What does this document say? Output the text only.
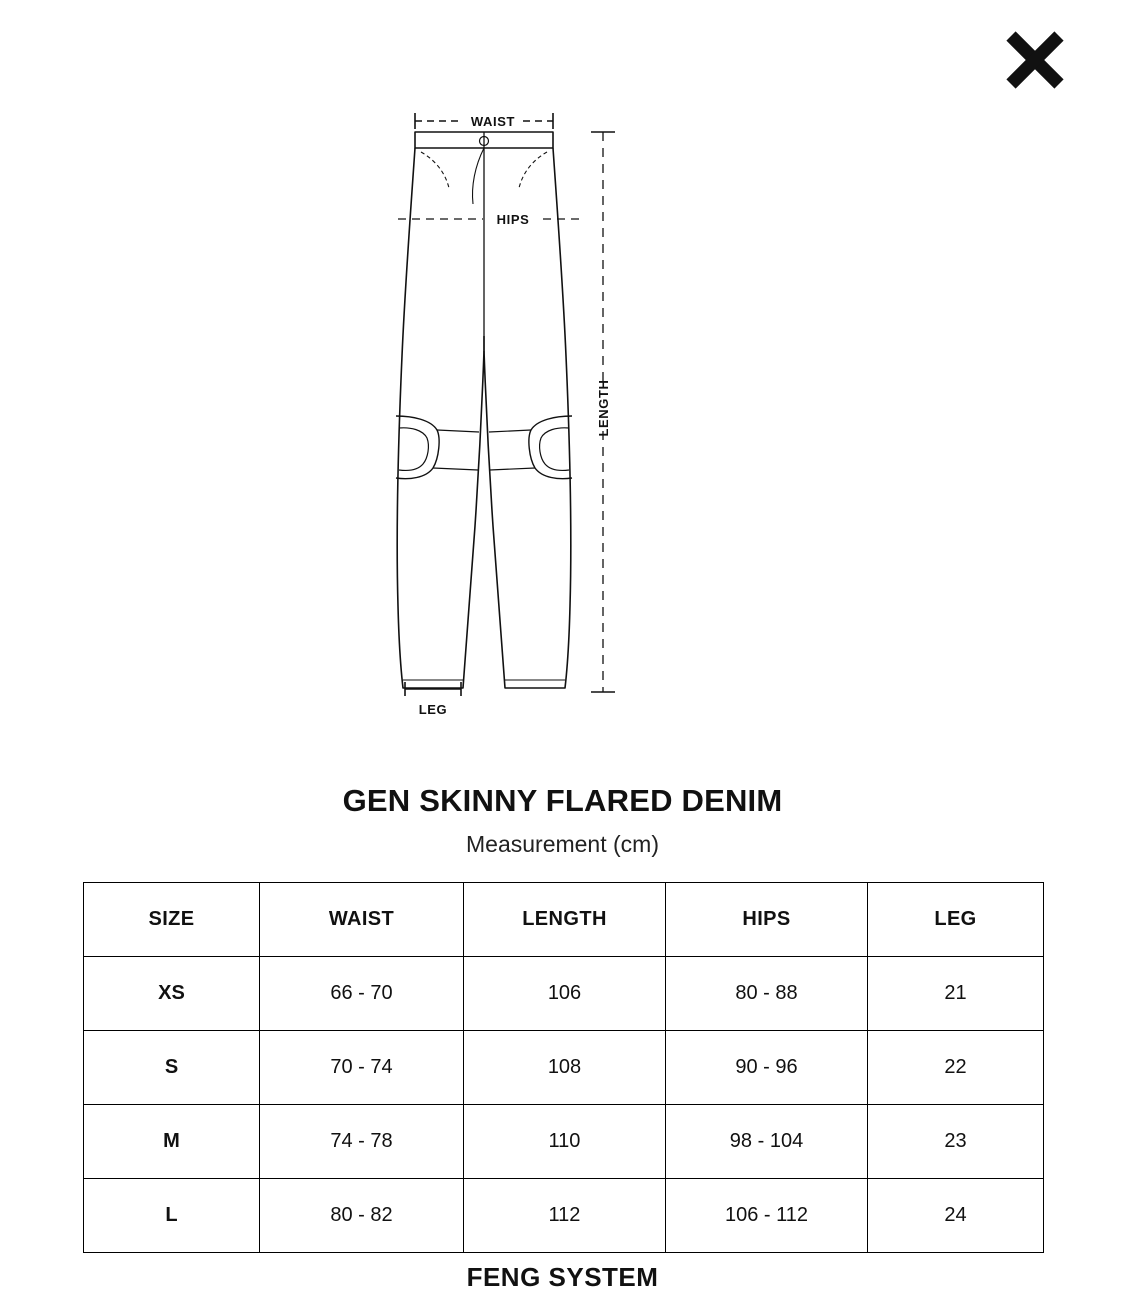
WAIST
HIPS
LENGTH
LEG
GEN SKINNY FLARED DENIM

Measurement (cm)

SIZE	WAIST	LENGTH	HIPS	LEG
XS	66 - 70	106	80 - 88	21
S	70 - 74	108	90 - 96	22
M	74 - 78	110	98 - 104	23
L	80 - 82	112	106 - 112	24
FENG SYSTEM
